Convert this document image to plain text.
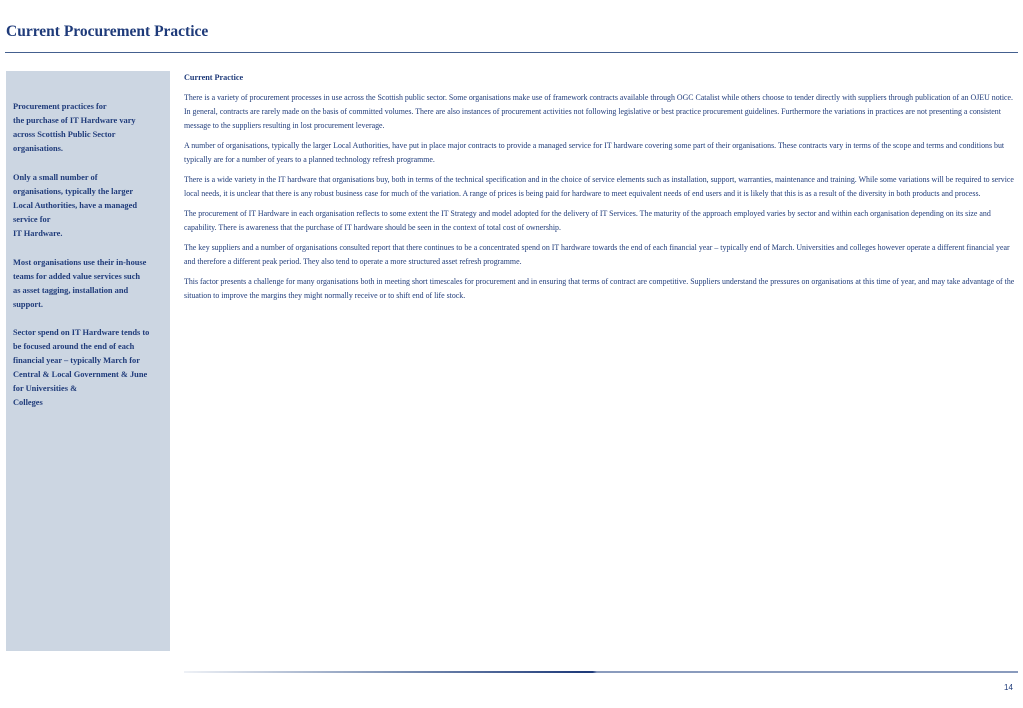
Current Procurement Practice
Procurement practices for
the purchase of IT Hardware vary
across Scottish Public Sector
organisations.
Only a small number of
organisations, typically the larger
Local Authorities, have a managed
service for
IT Hardware.
Most organisations use their in-house
teams for added value services such
as asset tagging, installation and
support.
Sector spend on IT Hardware tends to
be focused around the end of each
financial year – typically March for
Central & Local Government & June
for Universities &
Colleges
Current Practice

There is a variety of procurement processes in use across the Scottish public sector. Some organisations make use of framework contracts available through OGC Catalist while others choose to tender directly with suppliers through publication of an OJEU notice. In general, contracts are rarely made on the basis of committed volumes. There are also instances of procurement activities not following legislative or best practice procurement guidelines. Furthermore the variations in practices are not presenting a consistent message to the suppliers resulting in lost procurement leverage.

A number of organisations, typically the larger Local Authorities, have put in place major contracts to provide a managed service for IT hardware covering some part of their organisations. These contracts vary in terms of the scope and terms and conditions but typically are for a number of years to a planned technology refresh programme.

There is a wide variety in the IT hardware that organisations buy, both in terms of the technical specification and in the choice of service elements such as installation, support, warranties, maintenance and training. While some variations will be required to service local needs, it is unclear that there is any robust business case for much of the variation. A range of prices is being paid for hardware to meet equivalent needs of end users and it is likely that this is as a result of the diversity in both products and process.

The procurement of IT Hardware in each organisation reflects to some extent the IT Strategy and model adopted for the delivery of IT Services. The maturity of the approach employed varies by sector and within each organisation depending on its size and capability. There is awareness that the purchase of IT hardware should be seen in the context of total cost of ownership.

The key suppliers and a number of organisations consulted report that there continues to be a concentrated spend on IT hardware towards the end of each financial year – typically end of March. Universities and colleges however operate a different financial year and therefore a different peak period. They also tend to operate a more structured asset refresh programme.

This factor presents a challenge for many organisations both in meeting short timescales for procurement and in ensuring that terms of contract are competitive. Suppliers understand the pressures on organisations at this time of year, and may take advantage of the situation to improve the margins they might normally receive or to shift end of life stock.

14
